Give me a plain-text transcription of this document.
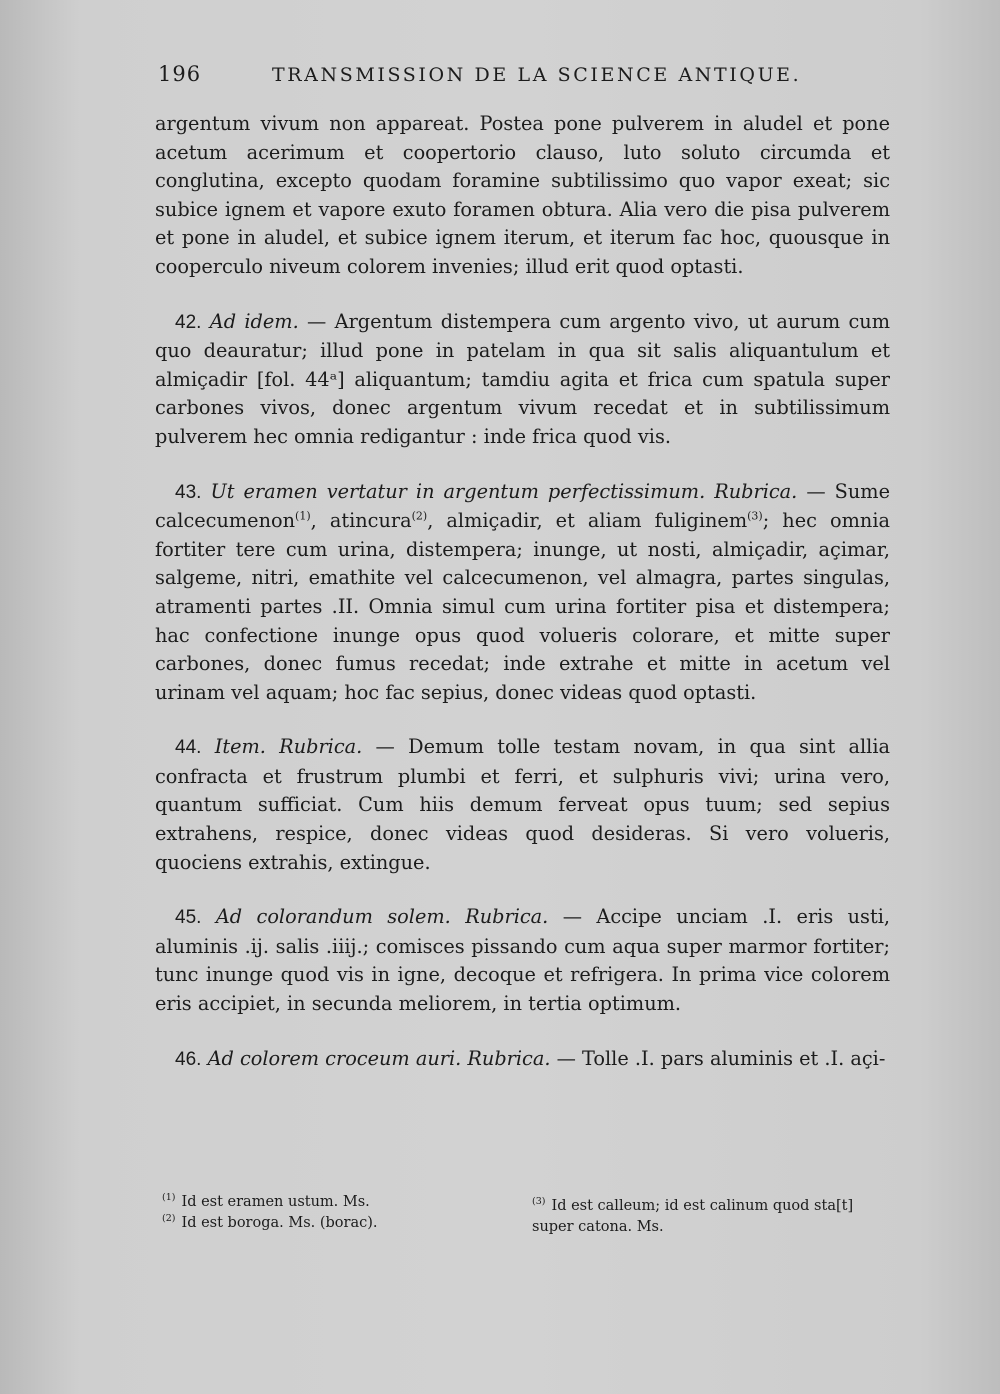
196	TRANSMISSION DE LA SCIENCE ANTIQUE.

argentum vivum non appareat. Postea pone pulverem in aludel et pone acetum acerimum et coopertorio clauso, luto soluto circumda et conglutina, excepto quodam foramine subtilissimo quo vapor exeat; sic subice ignem et vapore exuto foramen obtura. Alia vero die pisa pulverem et pone in aludel, et subice ignem iterum, et iterum fac hoc, quousque in cooperculo niveum colorem invenies; illud erit quod optasti.

42. Ad idem. — Argentum distempera cum argento vivo, ut aurum cum quo deauratur; illud pone in patelam in qua sit salis aliquantulum et almiçadir [fol. 44ᵃ] aliquantum; tamdiu agita et frica cum spatula super carbones vivos, donec argentum vivum recedat et in subtilissimum pulverem hec omnia redigantur : inde frica quod vis.

43. Ut eramen vertatur in argentum perfectissimum. Rubrica. — Sume calcecumenon$^{(1)}$, atincura$^{(2)}$, almiçadir, et aliam fuliginem$^{(3)}$; hec omnia fortiter tere cum urina, distempera; inunge, ut nosti, almiçadir, açimar, salgeme, nitri, emathite vel calcecumenon, vel almagra, partes singulas, atramenti partes .II. Omnia simul cum urina fortiter pisa et distempera; hac confectione inunge opus quod volueris colorare, et mitte super carbones, donec fumus recedat; inde extrahe et mitte in acetum vel urinam vel aquam; hoc fac sepius, donec videas quod optasti.

44. Item. Rubrica. — Demum tolle testam novam, in qua sint allia confracta et frustrum plumbi et ferri, et sulphuris vivi; urina vero, quantum sufficiat. Cum hiis demum ferveat opus tuum; sed sepius extrahens, respice, donec videas quod desideras. Si vero volueris, quociens extrahis, extingue.

45. Ad colorandum solem. Rubrica. — Accipe unciam .I. eris usti, aluminis .ij. salis .iiij.; comisces pissando cum aqua super marmor fortiter; tunc inunge quod vis in igne, decoque et refrigera. In prima vice colorem eris accipiet, in secunda meliorem, in tertia optimum.

46. Ad colorem croceum auri. Rubrica. — Tolle .I. pars aluminis et .I. açi-

$^{(1)}$ Id est eramen ustum. Ms.
$^{(2)}$ Id est boroga. Ms. (borac).
$^{(3)}$ Id est calleum; id est calinum quod sta[t]
super catona. Ms.
